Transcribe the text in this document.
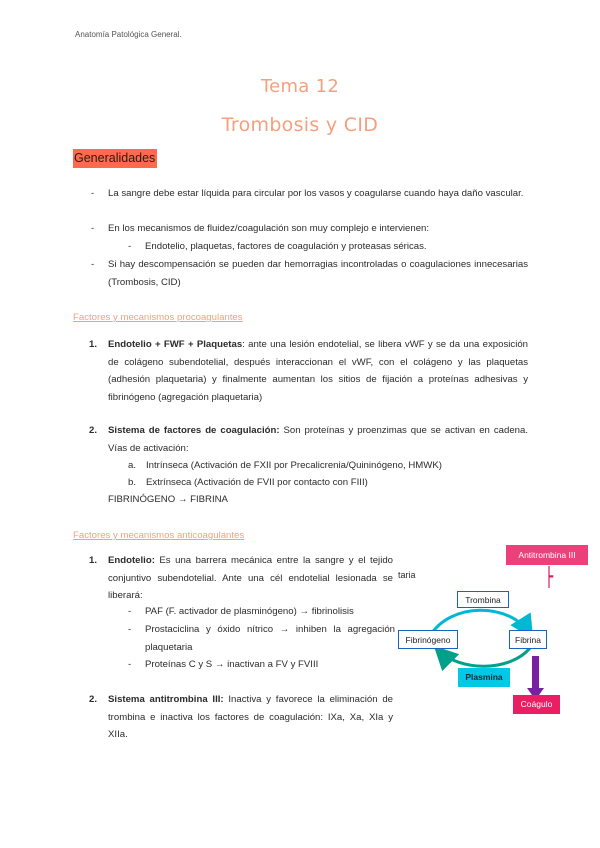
Anatomía Patológica General.
Tema 12
Trombosis y CID
Generalidades
- La sangre debe estar líquida para circular por los vasos y coagularse cuando haya daño vascular.
- En los mecanismos de fluidez/coagulación son muy complejo e intervienen:
- Endotelio, plaquetas, factores de coagulación y proteasas séricas.
- Si hay descompensación se pueden dar hemorragias incontroladas o coagulaciones innecesarias (Trombosis, CID)
Factores y mecanismos procoagulantes
1. Endotelio + FWF + Plaquetas: ante una lesión endotelial, se libera vWF y se da una exposición de colágeno subendotelial, después interaccionan el vWF, con el colágeno y las plaquetas (adhesión plaquetaria) y finalmente aumentan los sitios de fijación a proteínas adhesivas y fibrinógeno (agregación plaquetaria)
2. Sistema de factores de coagulación: Son proteínas y proenzimas que se activan en cadena. Vías de activación:
a. Intrínseca (Activación de FXII por Precalicrenia/Quininógeno, HMWK)
b. Extrínseca (Activación de FVII por contacto con FIII)
FIBRINÓGENO → FIBRINA
Factores y mecanismos anticoagulantes
1. Endotelio: Es una barrera mecánica entre la sangre y el tejido conjuntivo subendotelial. Ante una cél endotelial lesionada se liberará:
- PAF (F. activador de plasminógeno) → fibrinolisis
- Prostaciclina y óxido nítrico → inhiben la agregación plaquetaria
- Proteínas C y S → inactivan a FV y FVIII
2. Sistema antitrombina III: Inactiva y favorece la eliminación de trombina e inactiva los factores de coagulación: IXa, Xa, XIa y XIIa.
taria
Antitrombina III
-
Trombina
Fibrinógeno	Fibrina
Plasmina
Coágulo
